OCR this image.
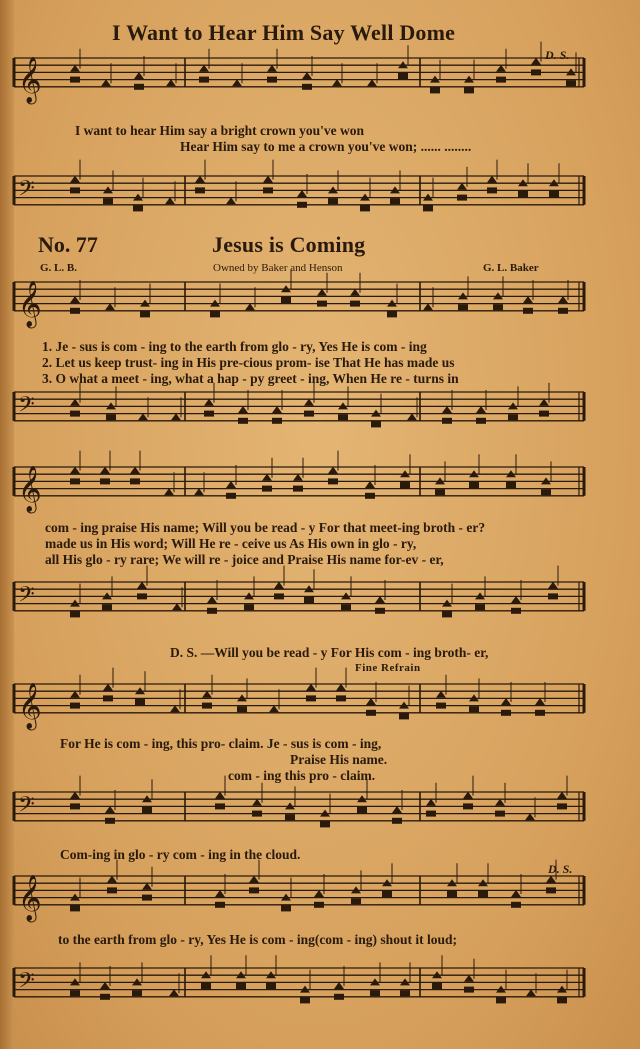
𝄞
𝄢
𝄞
𝄢
𝄞
𝄢
𝄞
𝄢
𝄞
𝄢
I Want to Hear Him Say Well Dome
D. S.
I want to hear Him say a bright crown you've won
Hear Him say to me a crown you've won; ...... ........
No. 77	Jesus is Coming
G. L. B.	Owned by Baker and Henson	G. L. Baker
1. Je - sus is com - ing to the earth from glo - ry, Yes He is com - ing
2. Let us keep trust- ing in His pre-cious prom- ise That He has made us
3. O what a meet - ing, what a hap - py greet - ing, When He re - turns in
com - ing praise His name; Will you be read - y For that meet-ing broth - er?
made us in His word; Will He re - ceive us As His own in glo - ry,
all His glo - ry rare; We will re - joice and Praise His name for-ev - er,
D. S. —Will you be read - y For His com - ing broth- er,
Fine Refrain
For He is com - ing, this pro- claim. Je - sus is com - ing,
Praise His name.
com - ing this pro - claim.
Com-ing in glo - ry com - ing in the cloud.
D. S.
to the earth from glo - ry, Yes He is com - ing(com - ing) shout it loud;
